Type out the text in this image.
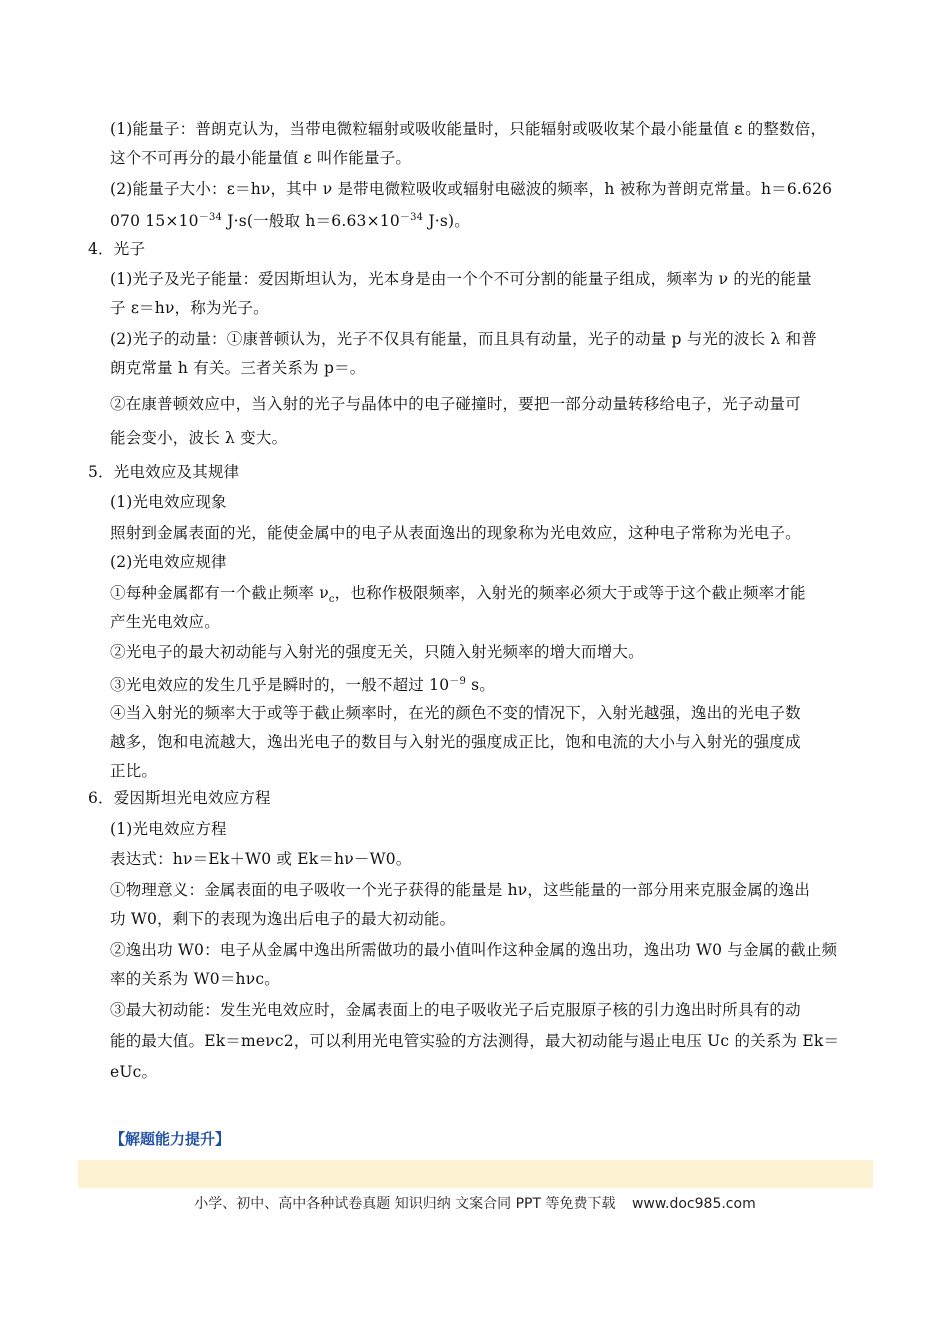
(1)能量子：普朗克认为，当带电微粒辐射或吸收能量时，只能辐射或吸收某个最小能量值 ε 的整数倍，
这个不可再分的最小能量值 ε 叫作能量子。
(2)能量子大小：ε＝hν，其中 ν 是带电微粒吸收或辐射电磁波的频率，h 被称为普朗克常量。h＝6.626
070 $15\times 10^{-34}$ J·s(一般取 $h=6.63\times 10^{-34}$ J·s)。
4．光子
(1)光子及光子能量：爱因斯坦认为，光本身是由一个个不可分割的能量子组成，频率为 ν 的光的能量
子 ε＝hν，称为光子。
(2)光子的动量：①康普顿认为，光子不仅具有能量，而且具有动量，光子的动量 p 与光的波长 λ 和普
朗克常量 h 有关。三者关系为 p＝。
②在康普顿效应中，当入射的光子与晶体中的电子碰撞时，要把一部分动量转移给电子，光子动量可
能会变小，波长 λ 变大。
5．光电效应及其规律
(1)光电效应现象
照射到金属表面的光，能使金属中的电子从表面逸出的现象称为光电效应，这种电子常称为光电子。
(2)光电效应规律
①每种金属都有一个截止频率 $\nu_c$，也称作极限频率，入射光的频率必须大于或等于这个截止频率才能
产生光电效应。
②光电子的最大初动能与入射光的强度无关，只随入射光频率的增大而增大。
③光电效应的发生几乎是瞬时的，一般不超过 $10^{-9}$ s。
④当入射光的频率大于或等于截止频率时，在光的颜色不变的情况下，入射光越强，逸出的光电子数
越多，饱和电流越大，逸出光电子的数目与入射光的强度成正比，饱和电流的大小与入射光的强度成
正比。
6．爱因斯坦光电效应方程
(1)光电效应方程
表达式：hν＝Ek＋W0 或 Ek＝hν－W0。
①物理意义：金属表面的电子吸收一个光子获得的能量是 hν，这些能量的一部分用来克服金属的逸出
功 W0，剩下的表现为逸出后电子的最大初动能。
②逸出功 W0：电子从金属中逸出所需做功的最小值叫作这种金属的逸出功，逸出功 W0 与金属的截止频
率的关系为 W0＝hνc。
③最大初动能：发生光电效应时，金属表面上的电子吸收光子后克服原子核的引力逸出时所具有的动
能的最大值。Ek＝meνc2，可以利用光电管实验的方法测得，最大初动能与遏止电压 Uc 的关系为 Ek＝
eUc。
【解题能力提升】
小学、初中、高中各种试卷真题 知识归纳 文案合同 PPT 等免费下载 www.doc985.com
